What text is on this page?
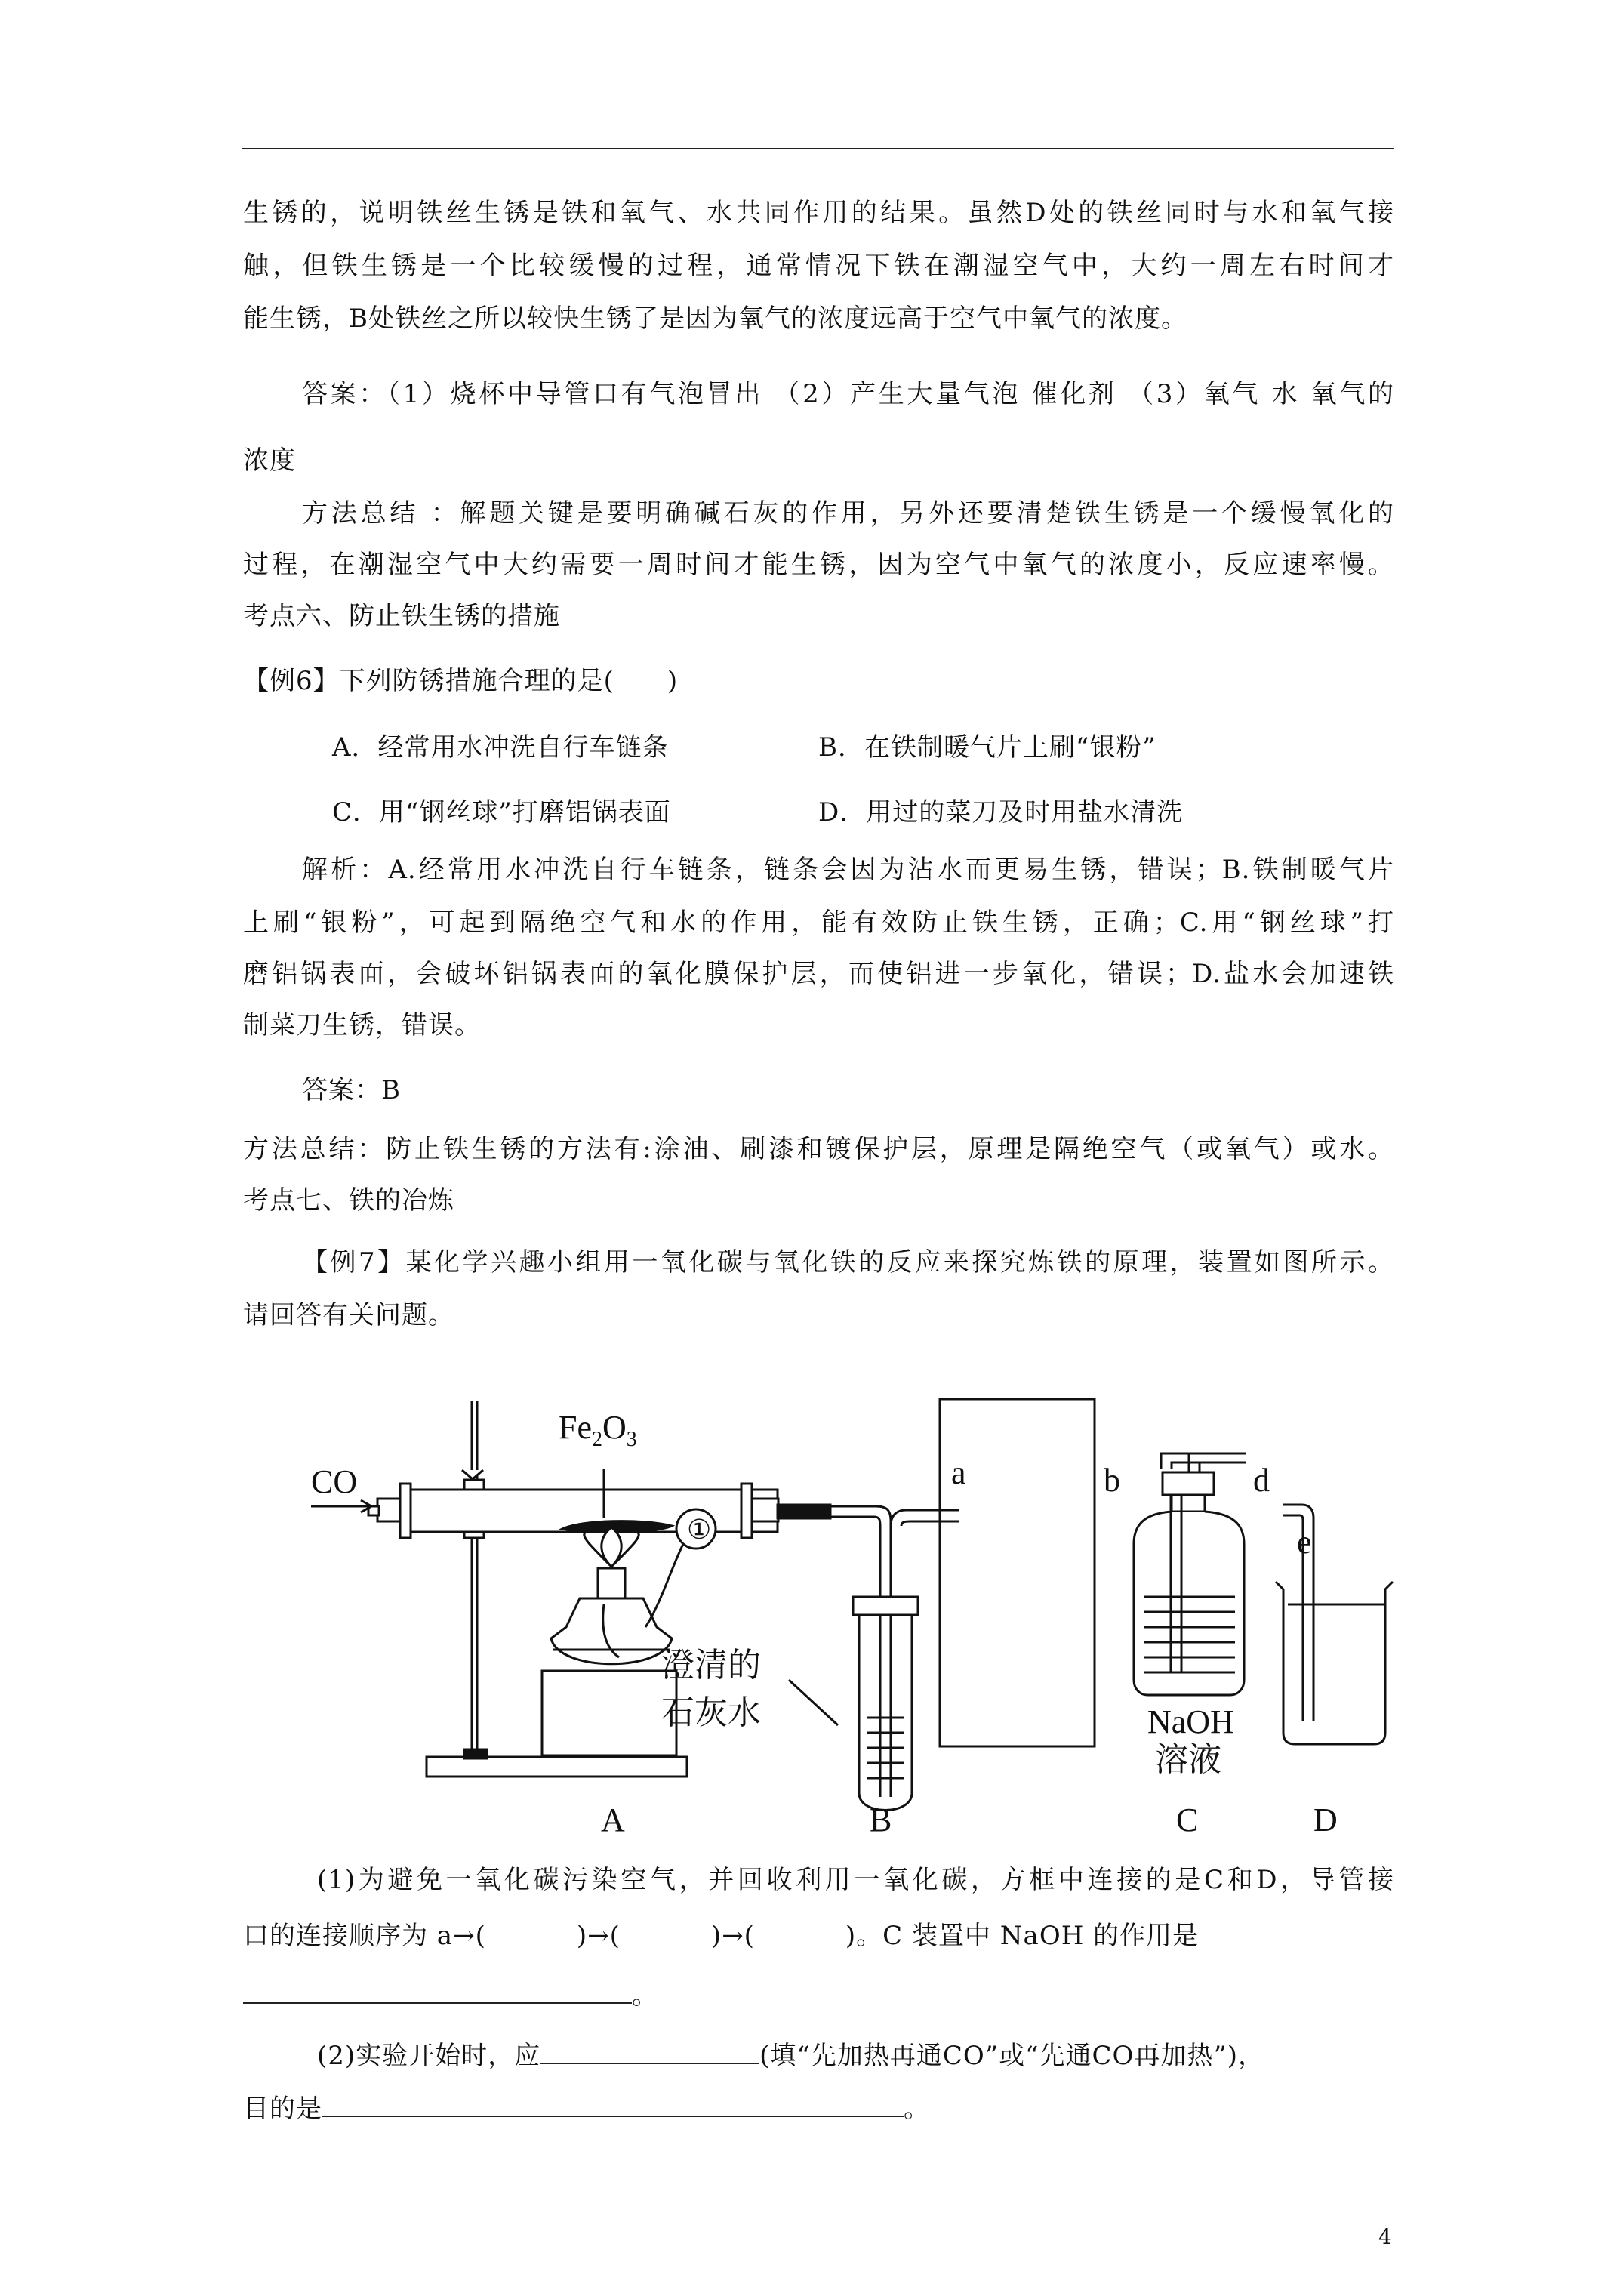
生锈的，说明铁丝生锈是铁和氧气、水共同作用的结果。虽然D处的铁丝同时与水和氧气接
触，但铁生锈是一个比较缓慢的过程，通常情况下铁在潮湿空气中，大约一周左右时间才
能生锈，B处铁丝之所以较快生锈了是因为氧气的浓度远高于空气中氧气的浓度。
答案：（1）烧杯中导管口有气泡冒出 （2）产生大量气泡 催化剂 （3）氧气 水 氧气的
浓度
方法总结 ：解题关键是要明确碱石灰的作用，另外还要清楚铁生锈是一个缓慢氧化的
过程，在潮湿空气中大约需要一周时间才能生锈，因为空气中氧气的浓度小，反应速率慢。
考点六、防止铁生锈的措施
【例6】下列防锈措施合理的是(　　)
A．经常用水冲洗自行车链条	B．在铁制暖气片上刷“银粉”
C．用“钢丝球”打磨铝锅表面	D．用过的菜刀及时用盐水清洗
解析：A.经常用水冲洗自行车链条，链条会因为沾水而更易生锈，错误；B.铁制暖气片
上刷“银粉”，可起到隔绝空气和水的作用，能有效防止铁生锈，正确；C.用“钢丝球”打
磨铝锅表面，会破坏铝锅表面的氧化膜保护层，而使铝进一步氧化，错误；D.盐水会加速铁
制菜刀生锈，错误。
答案：B
方法总结：防止铁生锈的方法有:涂油、刷漆和镀保护层，原理是隔绝空气（或氧气）或水。
考点七、铁的冶炼
【例7】某化学兴趣小组用一氧化碳与氧化铁的反应来探究炼铁的原理，装置如图所示。
请回答有关问题。
CO
$Fe_2O_3$
①
澄清的
石灰水
a	b	d
e
NaOH
溶液
A	B	C	D
(1)为避免一氧化碳污染空气，并回收利用一氧化碳，方框中连接的是C和D，导管接
口的连接顺序为 a→(	)→(	)→(	)。C 装置中 NaOH 的作用是
。
(2)实验开始时，应	(填“先加热再通CO”或“先通CO再加热”)，
目的是	。
4
